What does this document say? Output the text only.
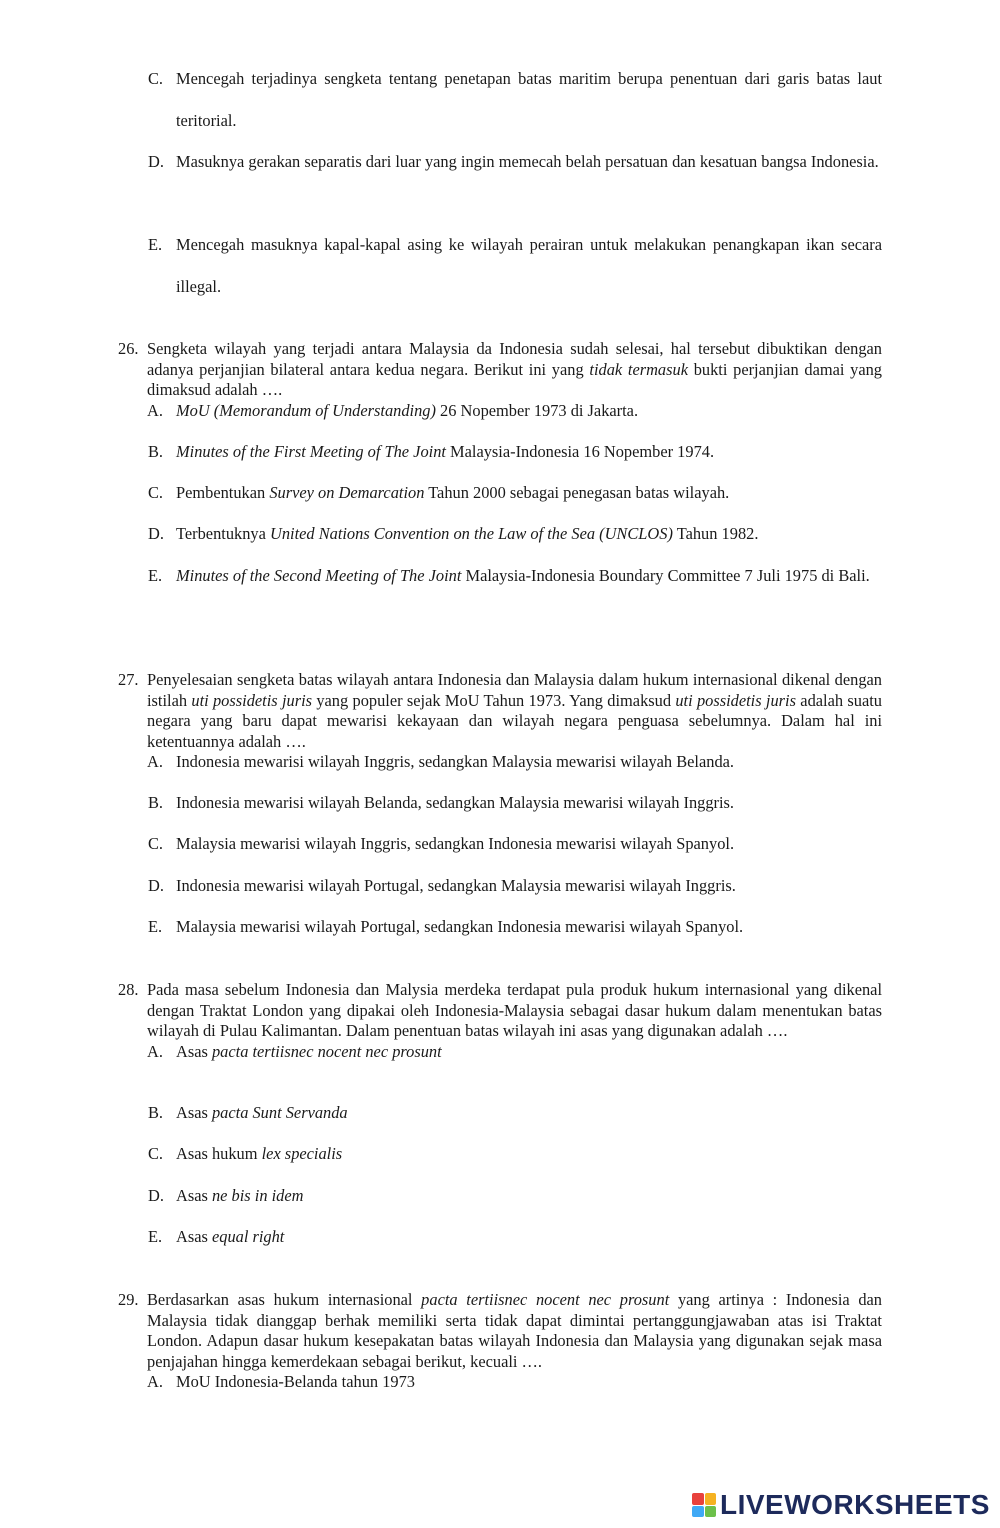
C. Mencegah terjadinya sengketa tentang penetapan batas maritim berupa penentuan dari garis batas laut teritorial.
D. Masuknya gerakan separatis dari luar yang ingin memecah belah persatuan dan kesatuan bangsa Indonesia.
E. Mencegah masuknya kapal-kapal asing ke wilayah perairan untuk melakukan penangkapan ikan secara illegal.
26. Sengketa wilayah yang terjadi antara Malaysia da Indonesia sudah selesai, hal tersebut dibuktikan dengan adanya perjanjian bilateral antara kedua negara. Berikut ini yang tidak termasuk bukti perjanjian damai yang dimaksud adalah ….
A. MoU (Memorandum of Understanding) 26 Nopember 1973 di Jakarta.
B. Minutes of the First Meeting of The Joint Malaysia-Indonesia 16 Nopember 1974.
C. Pembentukan Survey on Demarcation Tahun 2000 sebagai penegasan batas wilayah.
D. Terbentuknya United Nations Convention on the Law of the Sea (UNCLOS) Tahun 1982.
E. Minutes of the Second Meeting of The Joint Malaysia-Indonesia Boundary Committee 7 Juli 1975 di Bali.
27. Penyelesaian sengketa batas wilayah antara Indonesia dan Malaysia dalam hukum internasional dikenal dengan istilah uti possidetis juris yang populer sejak MoU Tahun 1973. Yang dimaksud uti possidetis juris adalah suatu negara yang baru dapat mewarisi kekayaan dan wilayah negara penguasa sebelumnya. Dalam hal ini ketentuannya adalah ….
A. Indonesia mewarisi wilayah Inggris, sedangkan Malaysia mewarisi wilayah Belanda.
B. Indonesia mewarisi wilayah Belanda, sedangkan Malaysia mewarisi wilayah Inggris.
C. Malaysia mewarisi wilayah Inggris, sedangkan Indonesia mewarisi wilayah Spanyol.
D. Indonesia mewarisi wilayah Portugal, sedangkan Malaysia mewarisi wilayah Inggris.
E. Malaysia mewarisi wilayah Portugal, sedangkan Indonesia mewarisi wilayah Spanyol.
28. Pada masa sebelum Indonesia dan Malysia merdeka terdapat pula produk hukum internasional yang dikenal dengan Traktat London yang dipakai oleh Indonesia-Malaysia sebagai dasar hukum dalam menentukan batas wilayah di Pulau Kalimantan. Dalam penentuan batas wilayah ini asas yang digunakan adalah ….
A. Asas pacta tertiisnec nocent nec prosunt
B. Asas pacta Sunt Servanda
C. Asas hukum lex specialis
D. Asas ne bis in idem
E. Asas equal right
29. Berdasarkan asas hukum internasional pacta tertiisnec nocent nec prosunt yang artinya : Indonesia dan Malaysia tidak dianggap berhak memiliki serta tidak dapat dimintai pertanggungjawaban atas isi Traktat London. Adapun dasar hukum kesepakatan batas wilayah Indonesia dan Malaysia yang digunakan sejak masa penjajahan hingga kemerdekaan sebagai berikut, kecuali ….
A. MoU Indonesia-Belanda tahun 1973
LIVEWORKSHEETS
